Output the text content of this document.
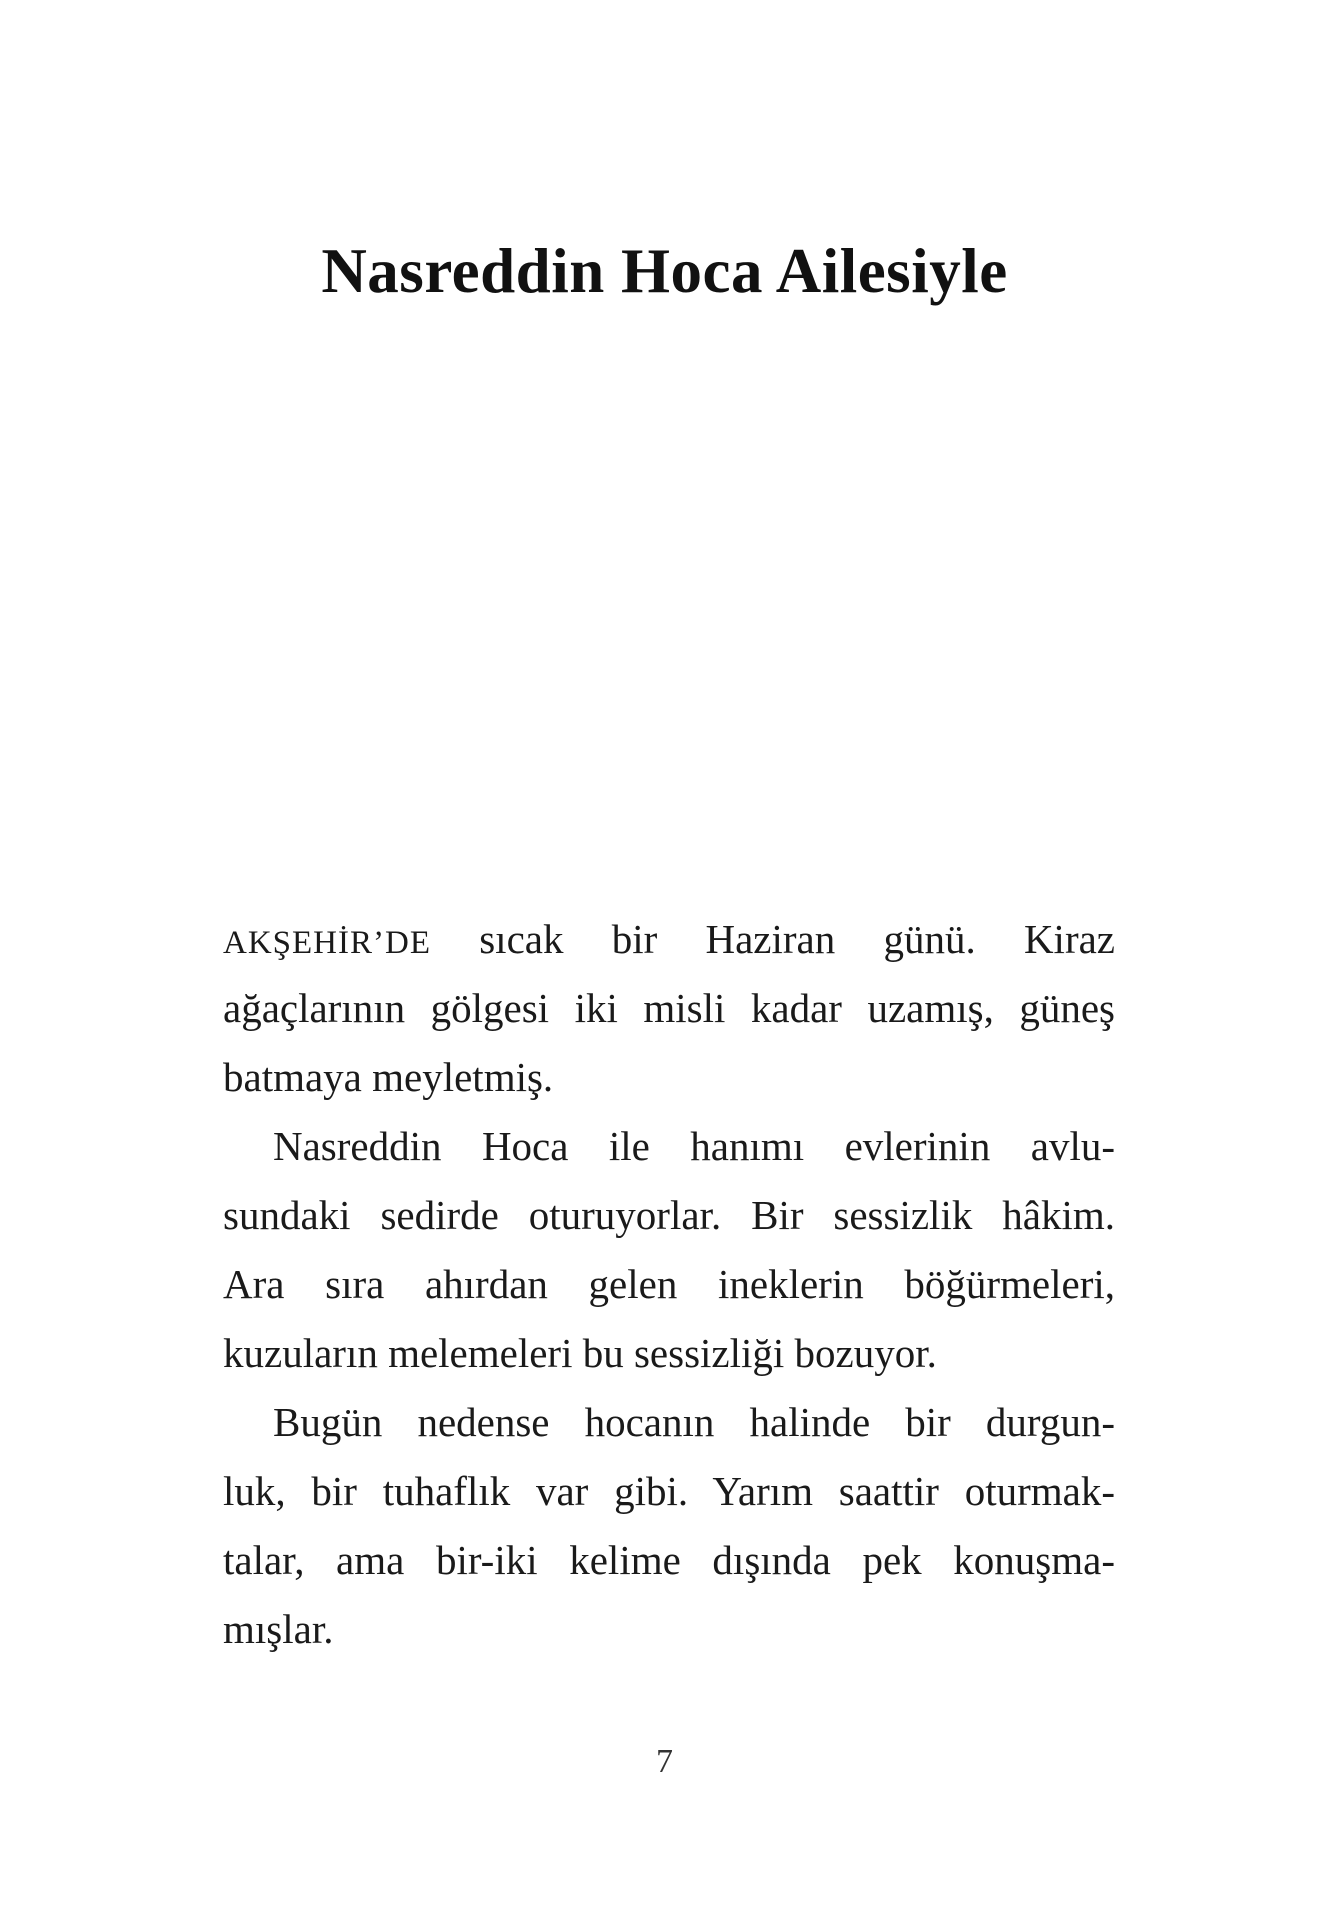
Nasreddin Hoca Ailesiyle
AKŞEHİR’DE sıcak bir Haziran günü. Kiraz
ağaçlarının gölgesi iki misli kadar uzamış, güneş
batmaya meyletmiş.
Nasreddin Hoca ile hanımı evlerinin avlu-
sundaki sedirde oturuyorlar. Bir sessizlik hâkim.
Ara sıra ahırdan gelen ineklerin böğürmeleri,
kuzuların melemeleri bu sessizliği bozuyor.
Bugün nedense hocanın halinde bir durgun-
luk, bir tuhaflık var gibi. Yarım saattir oturmak-
talar, ama bir-iki kelime dışında pek konuşma-
mışlar.
7
